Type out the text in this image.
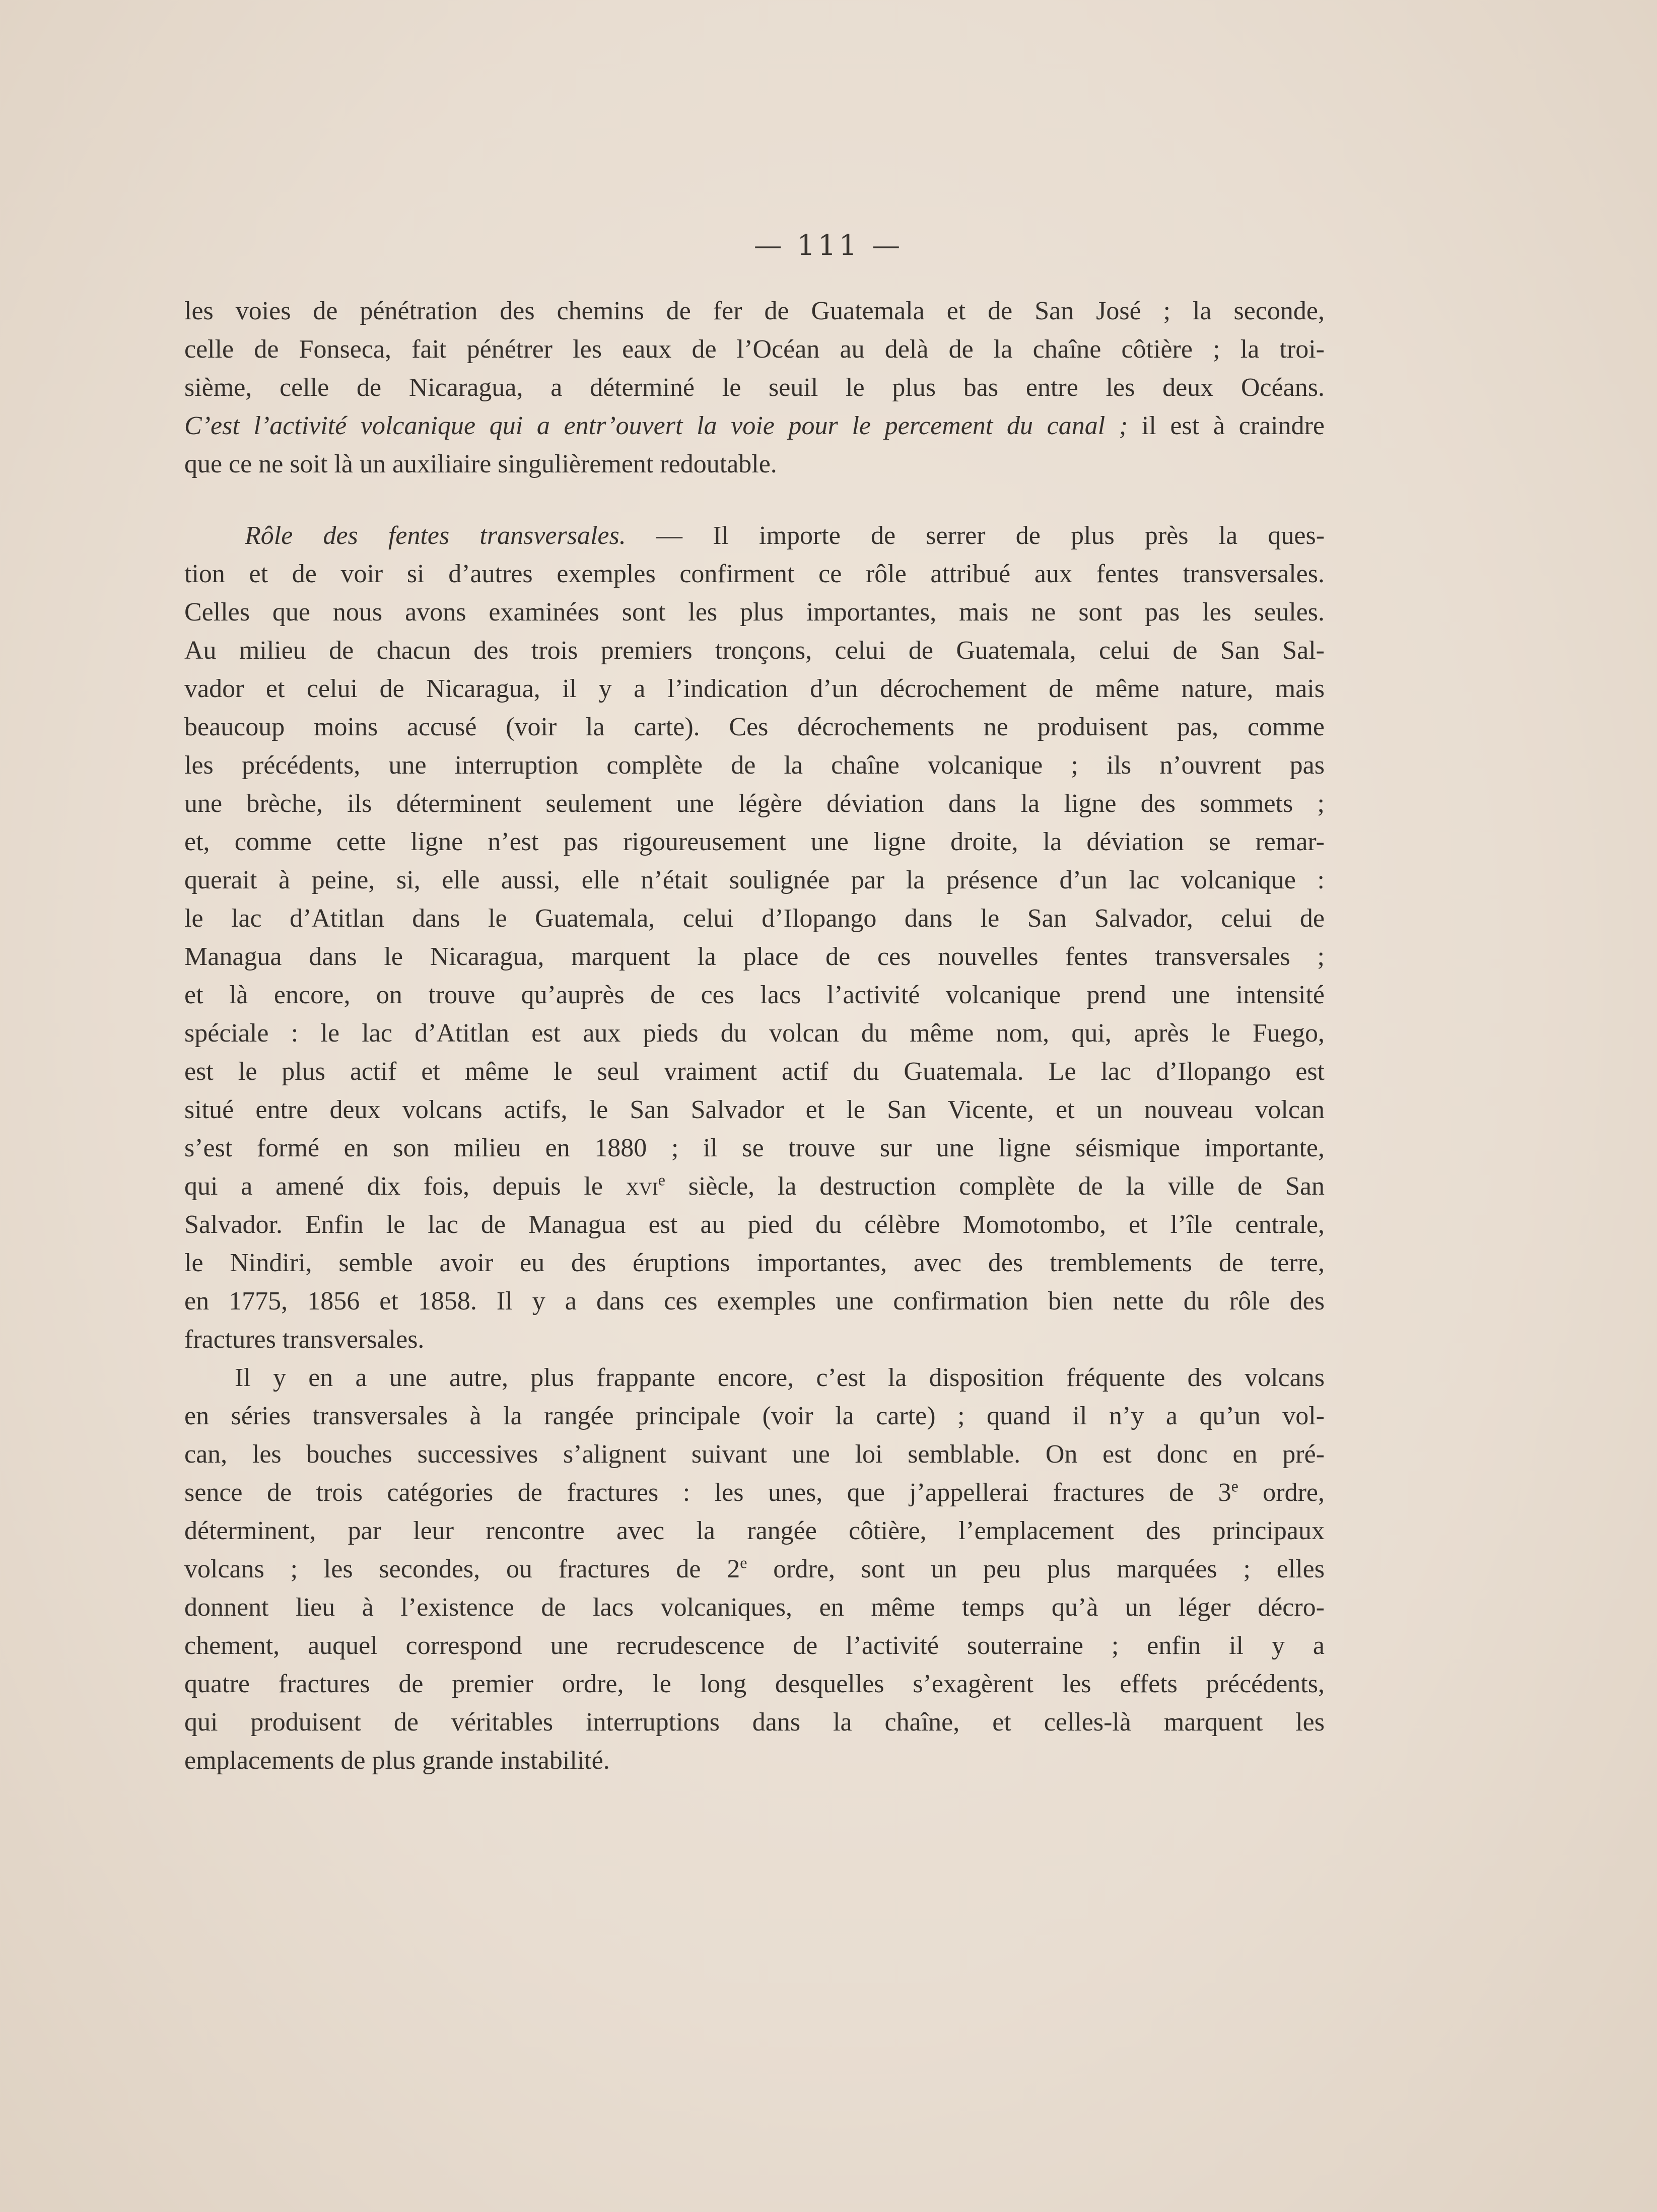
— 111 —
les voies de pénétration des chemins de fer de Guatemala et de San José ; la seconde,
celle de Fonseca, fait pénétrer les eaux de l’Océan au delà de la chaîne côtière ; la troi-
sième, celle de Nicaragua, a déterminé le seuil le plus bas entre les deux Océans.
C’est l’activité volcanique qui a entr’ouvert la voie pour le percement du canal ; il est à craindre
que ce ne soit là un auxiliaire singulièrement redoutable.
Rôle des fentes transversales. — Il importe de serrer de plus près la ques-
tion et de voir si d’autres exemples confirment ce rôle attribué aux fentes transversales.
Celles que nous avons examinées sont les plus importantes, mais ne sont pas les seules.
Au milieu de chacun des trois premiers tronçons, celui de Guatemala, celui de San Sal-
vador et celui de Nicaragua, il y a l’indication d’un décrochement de même nature, mais
beaucoup moins accusé (voir la carte). Ces décrochements ne produisent pas, comme
les précédents, une interruption complète de la chaîne volcanique ; ils n’ouvrent pas
une brèche, ils déterminent seulement une légère déviation dans la ligne des sommets ;
et, comme cette ligne n’est pas rigoureusement une ligne droite, la déviation se remar-
querait à peine, si, elle aussi, elle n’était soulignée par la présence d’un lac volcanique :
le lac d’Atitlan dans le Guatemala, celui d’Ilopango dans le San Salvador, celui de
Managua dans le Nicaragua, marquent la place de ces nouvelles fentes transversales ;
et là encore, on trouve qu’auprès de ces lacs l’activité volcanique prend une intensité
spéciale : le lac d’Atitlan est aux pieds du volcan du même nom, qui, après le Fuego,
est le plus actif et même le seul vraiment actif du Guatemala. Le lac d’Ilopango est
situé entre deux volcans actifs, le San Salvador et le San Vicente, et un nouveau volcan
s’est formé en son milieu en 1880 ; il se trouve sur une ligne séismique importante,
qui a amené dix fois, depuis le xvi$^e$ siècle, la destruction complète de la ville de San
Salvador. Enfin le lac de Managua est au pied du célèbre Momotombo, et l’île centrale,
le Nindiri, semble avoir eu des éruptions importantes, avec des tremblements de terre,
en 1775, 1856 et 1858. Il y a dans ces exemples une confirmation bien nette du rôle des
fractures transversales.
Il y en a une autre, plus frappante encore, c’est la disposition fréquente des volcans
en séries transversales à la rangée principale (voir la carte) ; quand il n’y a qu’un vol-
can, les bouches successives s’alignent suivant une loi semblable. On est donc en pré-
sence de trois catégories de fractures : les unes, que j’appellerai fractures de 3e ordre,
déterminent, par leur rencontre avec la rangée côtière, l’emplacement des principaux
volcans ; les secondes, ou fractures de 2e ordre, sont un peu plus marquées ; elles
donnent lieu à l’existence de lacs volcaniques, en même temps qu’à un léger décro-
chement, auquel correspond une recrudescence de l’activité souterraine ; enfin il y a
quatre fractures de premier ordre, le long desquelles s’exagèrent les effets précédents,
qui produisent de véritables interruptions dans la chaîne, et celles-là marquent les
emplacements de plus grande instabilité.
